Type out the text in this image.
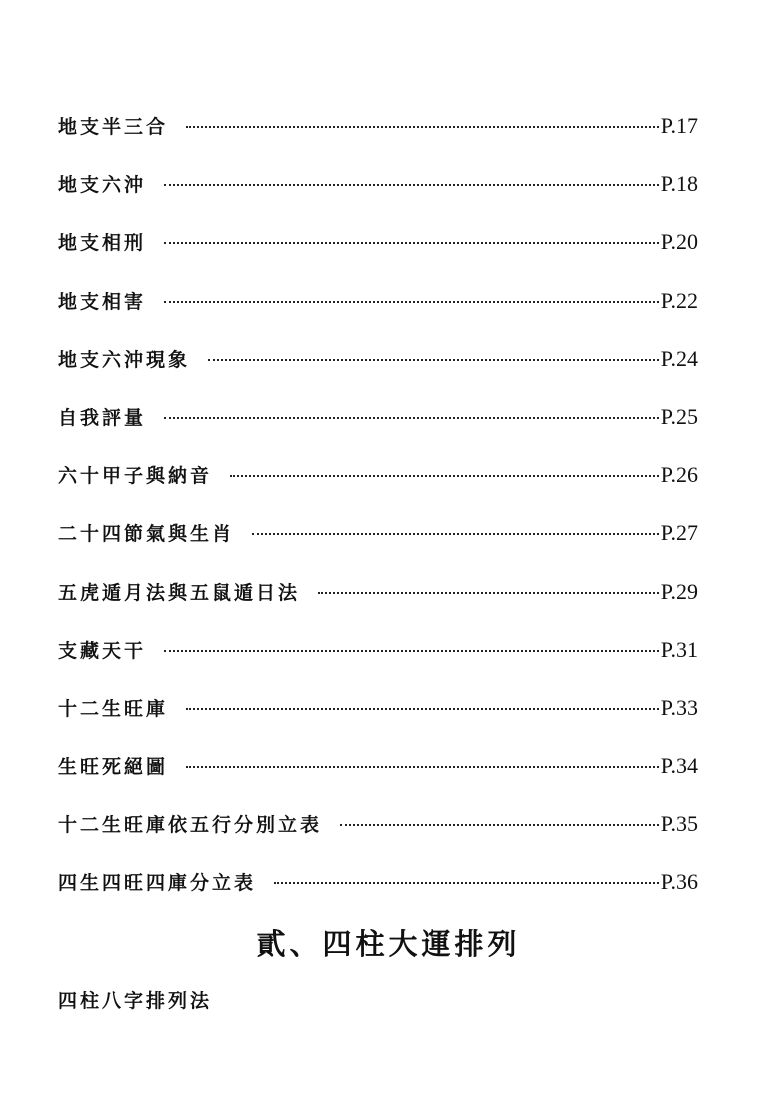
地支半三合	P.17
地支六沖	P.18
地支相刑	P.20
地支相害	P.22
地支六沖現象	P.24
自我評量	P.25
六十甲子與納音	P.26
二十四節氣與生肖	P.27
五虎遁月法與五鼠遁日法	P.29
支藏天干	P.31
十二生旺庫	P.33
生旺死絕圖	P.34
十二生旺庫依五行分別立表	P.35
四生四旺四庫分立表	P.36
貳、四柱大運排列
四柱八字排列法
